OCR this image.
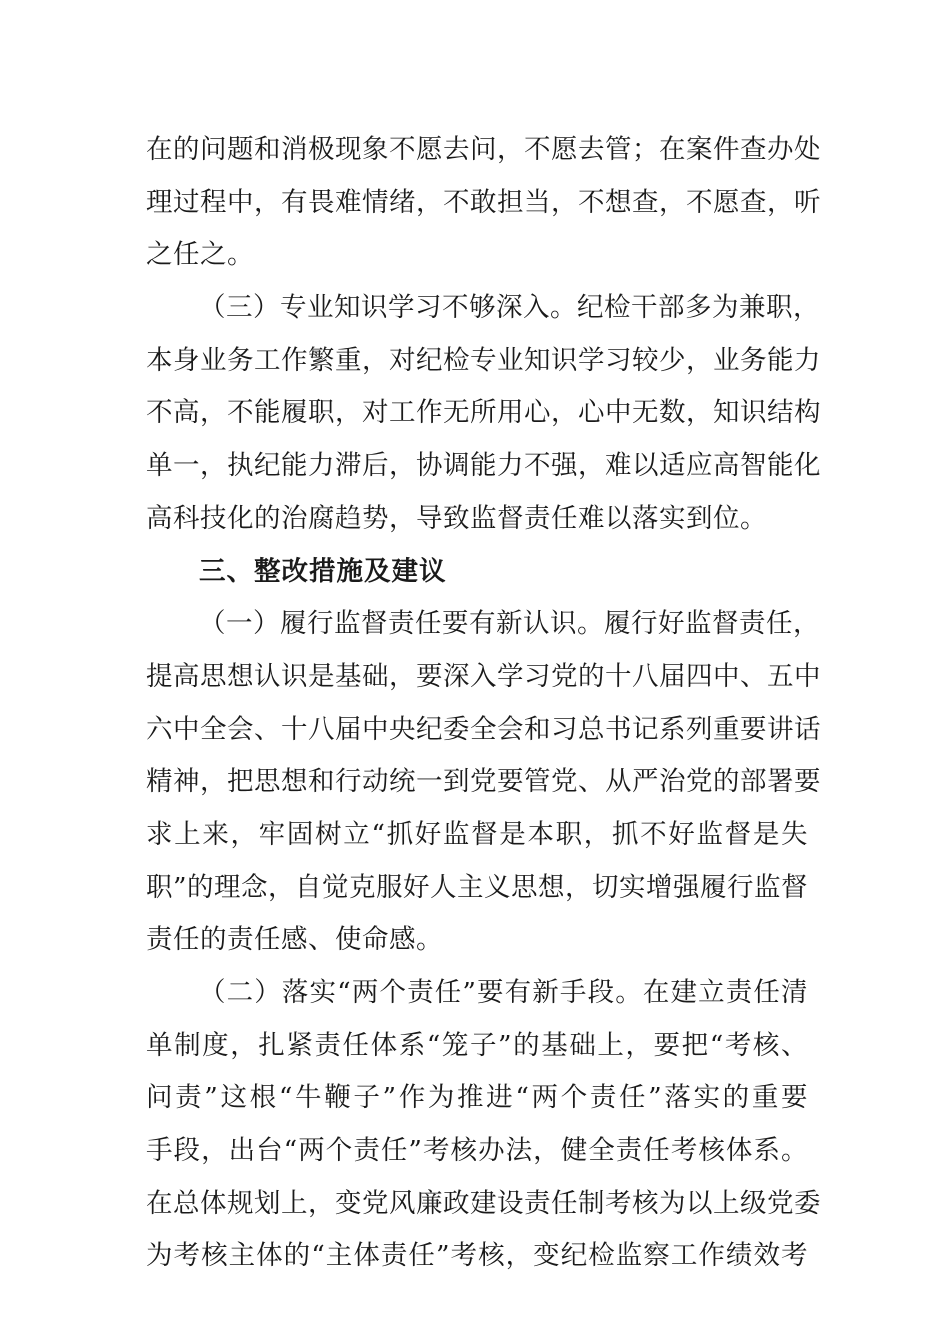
在的问题和消极现象不愿去问，不愿去管；在案件查办处
理过程中，有畏难情绪，不敢担当，不想查，不愿查，听
之任之。
（三）专业知识学习不够深入。纪检干部多为兼职，
本身业务工作繁重，对纪检专业知识学习较少，业务能力
不高，不能履职，对工作无所用心，心中无数，知识结构
单一，执纪能力滞后，协调能力不强，难以适应高智能化
高科技化的治腐趋势，导致监督责任难以落实到位。
三、整改措施及建议
（一）履行监督责任要有新认识。履行好监督责任，
提高思想认识是基础，要深入学习党的十八届四中、五中
六中全会、十八届中央纪委全会和习总书记系列重要讲话
精神，把思想和行动统一到党要管党、从严治党的部署要
求上来，牢固树立“抓好监督是本职，抓不好监督是失
职”的理念，自觉克服好人主义思想，切实增强履行监督
责任的责任感、使命感。
（二）落实“两个责任”要有新手段。在建立责任清
单制度，扎紧责任体系“笼子”的基础上，要把“考核、
问责”这根“牛鞭子”作为推进“两个责任”落实的重要
手段，出台“两个责任”考核办法，健全责任考核体系。
在总体规划上，变党风廉政建设责任制考核为以上级党委
为考核主体的“主体责任”考核，变纪检监察工作绩效考
